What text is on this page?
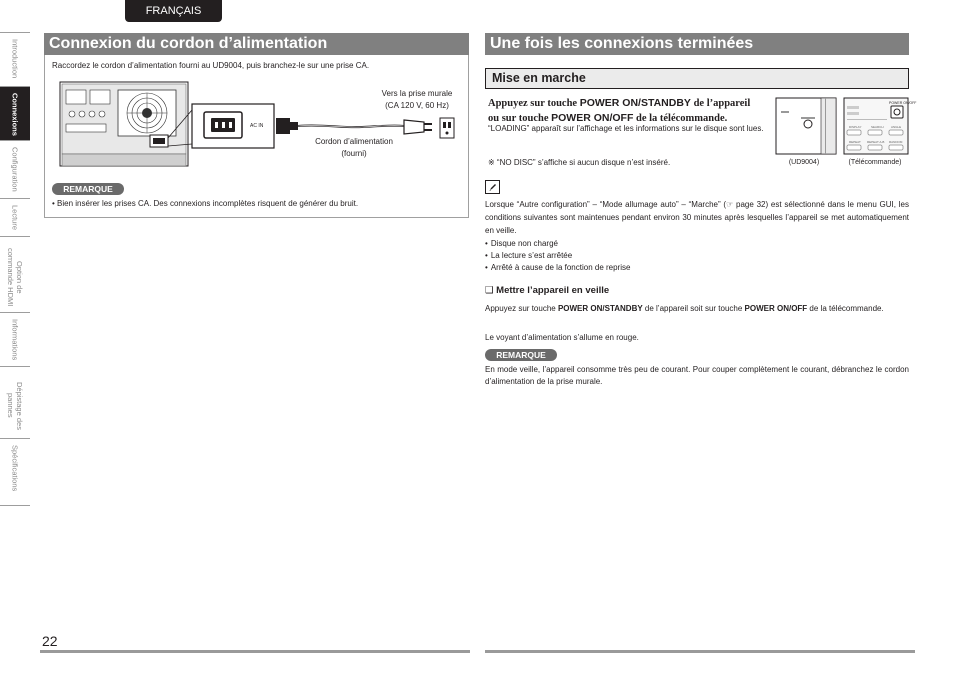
FRANÇAIS
Introduction
Connexions
Configuration
Lecture
Option de commande HDMI
Informations
Dépistage des pannes
Spécifications
Connexion du cordon d’alimentation
Raccordez le cordon d’alimentation fourni au UD9004, puis branchez-le sur une prise CA.
AC IN
Vers la prise murale
(CA 120 V, 60 Hz)
Cordon d’alimentation
(fourni)
REMARQUE
• Bien insérer les prises CA. Des connexions incomplètes risquent de générer du bruit.
Une fois les connexions terminées
Mise en marche
Appuyez sur touche POWER ON/STANDBY de l’appareil
ou sur touche POWER ON/OFF de la télécommande.
“LOADING” apparaît sur l’affichage et les informations sur le disque sont lues.
※ “NO DISC” s’affiche si aucun disque n’est inséré.
POWER ON/OFF
DISPLAY	SEARCH ANGLE
REPEAT REPEAT A-B RANDOM
(UD9004)	(Télécommande)
Lorsque “Autre configuration” – “Mode allumage auto” – “Marche” (☞ page 32) est sélectionné dans le menu GUI, les conditions suivantes sont maintenues pendant environ 30 minutes après lesquelles l’appareil se met automatiquement en veille.
• Disque non chargé
• La lecture s’est arrêtée
• Arrêté à cause de la fonction de reprise
❑ Mettre l’appareil en veille
Appuyez sur touche POWER ON/STANDBY de l’appareil soit sur touche POWER ON/OFF de la télécommande.
Le voyant d’alimentation s’allume en rouge.
REMARQUE
En mode veille, l’appareil consomme très peu de courant. Pour couper complètement le courant, débranchez le cordon d’alimentation de la prise murale.
22
